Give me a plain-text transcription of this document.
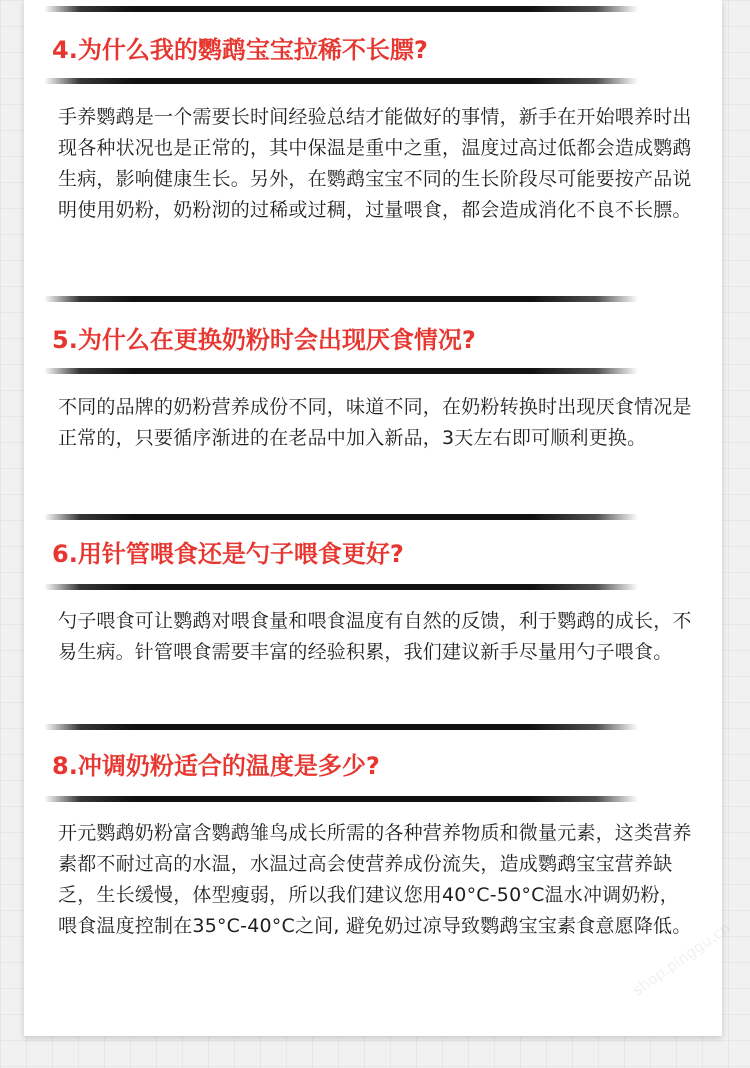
4.为什么我的鹦鹉宝宝拉稀不长膘?

手养鹦鹉是一个需要长时间经验总结才能做好的事情，新手在开始喂养时出现各种状况也是正常的，其中保温是重中之重，温度过高过低都会造成鹦鹉生病，影响健康生长。另外，在鹦鹉宝宝不同的生长阶段尽可能要按产品说明使用奶粉，奶粉沏的过稀或过稠，过量喂食，都会造成消化不良不长膘。

5.为什么在更换奶粉时会出现厌食情况?

不同的品牌的奶粉营养成份不同，味道不同，在奶粉转换时出现厌食情况是正常的，只要循序渐进的在老品中加入新品，3天左右即可顺利更换。

6.用针管喂食还是勺子喂食更好?

勺子喂食可让鹦鹉对喂食量和喂食温度有自然的反馈，利于鹦鹉的成长，不易生病。针管喂食需要丰富的经验积累，我们建议新手尽量用勺子喂食。

8.冲调奶粉适合的温度是多少?

开元鹦鹉奶粉富含鹦鹉雏鸟成长所需的各种营养物质和微量元素，这类营养素都不耐过高的水温，水温过高会使营养成份流失，造成鹦鹉宝宝营养缺乏，生长缓慢，体型瘦弱，所以我们建议您用40°C-50°C温水冲调奶粉，喂食温度控制在35°C-40°C之间, 避免奶过凉导致鹦鹉宝宝素食意愿降低。

shop.pinggu.cn
